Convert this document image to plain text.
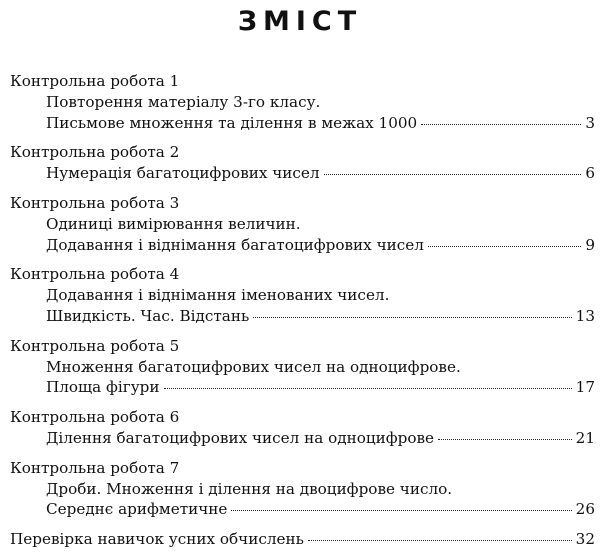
ЗМІСТ
Контрольна робота 1
Повторення матеріалу 3-го класу.
Письмове множення та ділення в межах 1000	3
Контрольна робота 2
Нумерація багатоцифрових чисел	6
Контрольна робота 3
Одиниці вимірювання величин.
Додавання і віднімання багатоцифрових чисел	9
Контрольна робота 4
Додавання і віднімання іменованих чисел.
Швидкість. Час. Відстань	13
Контрольна робота 5
Множення багатоцифрових чисел на одноцифрове.
Площа фігури	17
Контрольна робота 6
Ділення багатоцифрових чисел на одноцифрове	21
Контрольна робота 7
Дроби. Множення і ділення на двоцифрове число.
Середнє арифметичне	26
Перевірка навичок усних обчислень	32
